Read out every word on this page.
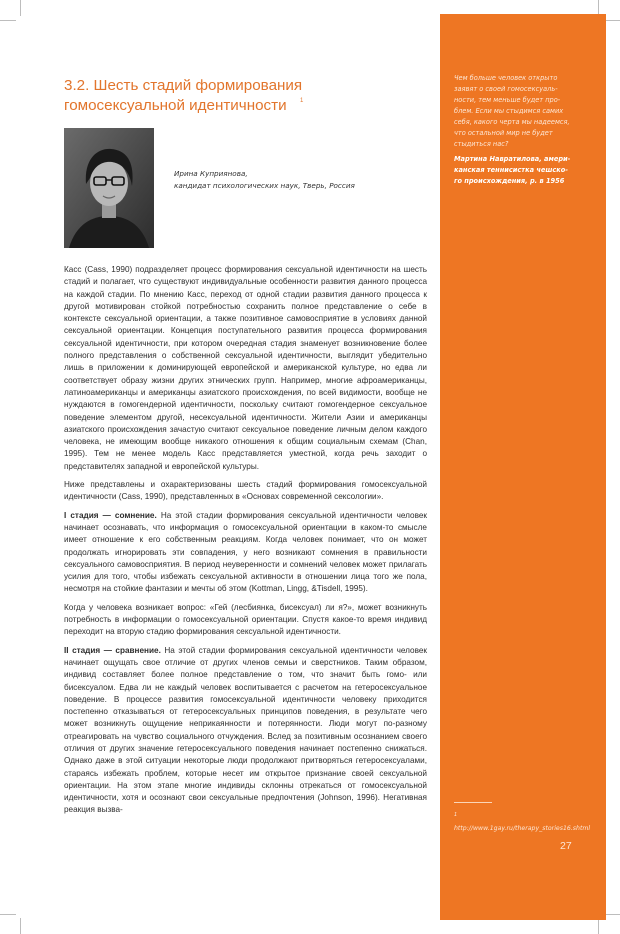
Чем больше человек открыто
заявят о своей гомосексуаль-
ности, тем меньше будет про-
блем. Если мы стыдимся самих
себя, какого черта мы надеемся,
что остальной мир не будет
стыдиться нас?

Мартина Навратилова, амери-
канская теннисистка чешско-
го происхождения, р. в 1956

$^1$ http://www.1gay.ru/therapy_stories16.shtml

27
3.2. Шесть стадий формирования
гомосексуальной идентичности	1

Ирина Куприянова,
кандидат психологических наук, Тверь, Россия

Касс (Cass, 1990) подразделяет процесс формирования сексуальной идентичности на шесть стадий и полагает, что существуют индивидуальные особенности развития данного процесса на каждой стадии. По мнению Касс, переход от одной стадии развития данного процесса к другой мотивирован стойкой потребностью сохранить полное представление о себе в контексте сексуальной ориентации, а также позитивное самовосприятие в условиях данной сексуальной ориентации. Концепция поступательного развития процесса формирования сексуальной идентичности, при котором очередная стадия знаменует возникновение более полного представления о собственной сексуальной идентичности, выглядит убедительно лишь в приложении к доминирующей европейской и американской культуре, но едва ли соответствует образу жизни других этнических групп. Например, многие афроамериканцы, латиноамериканцы и американцы азиатского происхождения, по всей видимости, вообще не нуждаются в гомогендерной идентичности, поскольку считают гомогендерное сексуальное поведение элементом другой, несексуальной идентичности. Жители Азии и американцы азиатского происхождения зачастую считают сексуальное поведение личным делом каждого человека, не имеющим вообще никакого отношения к общим социальным схемам (Chan, 1995). Тем не менее модель Касс представляется уместной, когда речь заходит о представителях западной и европейской культуры.

Ниже представлены и охарактеризованы шесть стадий формирования гомосексуальной идентичности (Cass, 1990), представленных в «Основах современной сексологии».

I стадия — сомнение. На этой стадии формирования сексуальной идентичности человек начинает осознавать, что информация о гомосексуальной ориентации в каком-то смысле имеет отношение к его собственным реакциям. Когда человек понимает, что он может продолжать игнорировать эти совпадения, у него возникают сомнения в правильности сексуального самовосприятия. В период неуверенности и сомнений человек может прилагать усилия для того, чтобы избежать сексуальной активности в отношении лица того же пола, несмотря на стойкие фантазии и мечты об этом (Kottman, Lingg, &Tisdell, 1995).

Когда у человека возникает вопрос: «Гей (лесбиянка, бисексуал) ли я?», может возникнуть потребность в информации о гомосексуальной ориентации. Спустя какое-то время индивид переходит на вторую стадию формирования сексуальной идентичности.

II стадия — сравнение. На этой стадии формирования сексуальной идентичности человек начинает ощущать свое отличие от других членов семьи и сверстников. Таким образом, индивид составляет более полное представление о том, что значит быть гомо- или бисексуалом. Едва ли не каждый человек воспитывается с расчетом на гетеросексуальное поведение. В процессе развития гомосексуальной идентичности человеку приходится постепенно отказываться от гетеросексуальных принципов поведения, в результате чего может возникнуть ощущение неприкаянности и потерянности. Люди могут по-разному отреагировать на чувство социального отчуждения. Вслед за позитивным осознанием своего отличия от других значение гетеросексуального поведения начинает постепенно снижаться. Однако даже в этой ситуации некоторые люди продолжают притворяться гетеросексуалами, стараясь избежать проблем, которые несет им открытое признание своей сексуальной ориентации. На этом этапе многие индивиды склонны отрекаться от гомосексуальной идентичности, хотя и осознают свои сексуальные предпочтения (Johnson, 1996). Негативная реакция вызва-
